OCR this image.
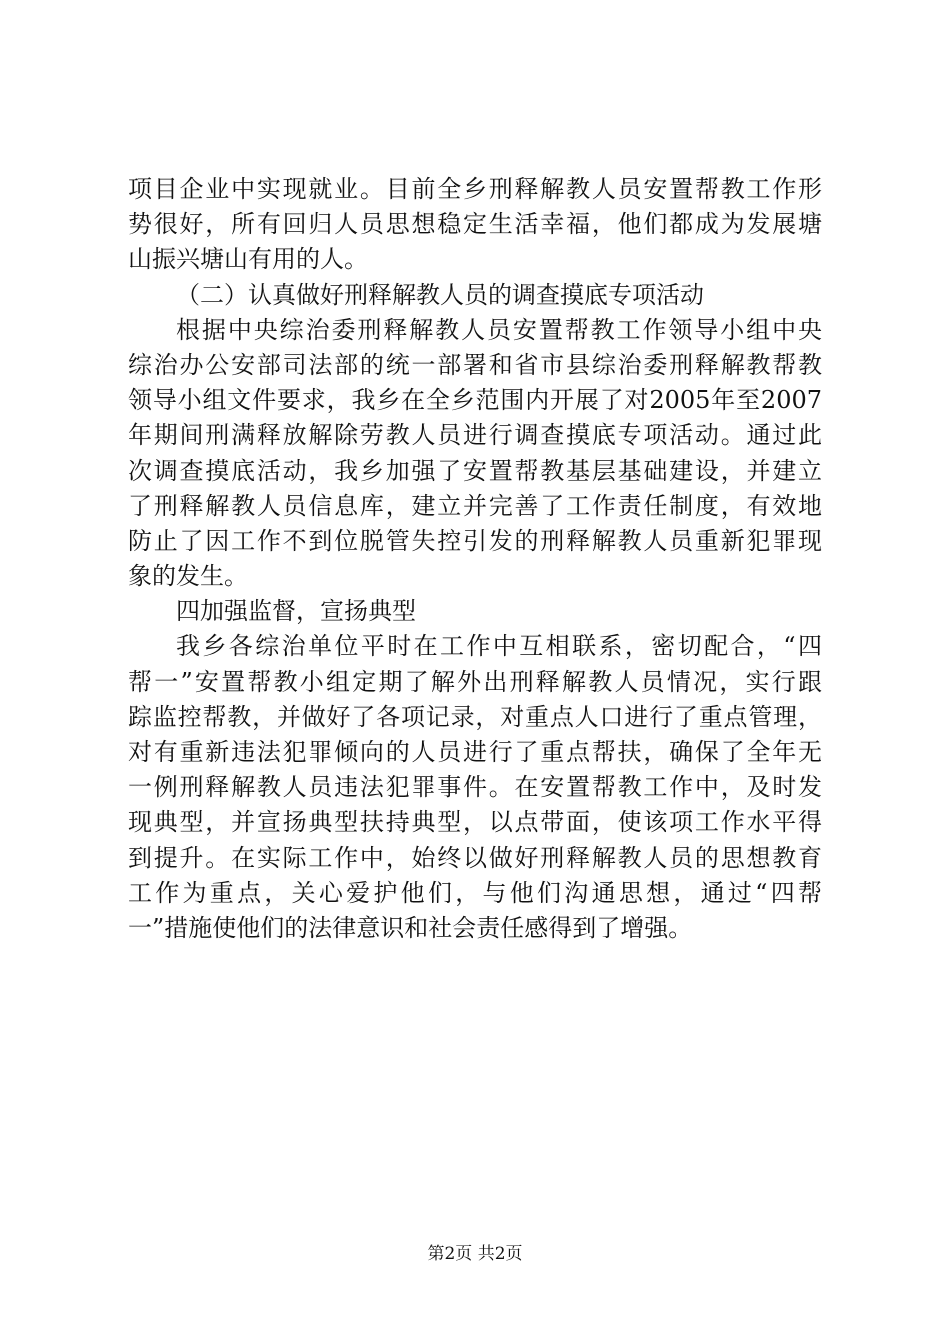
项目企业中实现就业。目前全乡刑释解教人员安置帮教工作形
势很好，所有回归人员思想稳定生活幸福，他们都成为发展塘
山振兴塘山有用的人。
（二）认真做好刑释解教人员的调查摸底专项活动
根据中央综治委刑释解教人员安置帮教工作领导小组中央
综治办公安部司法部的统一部署和省市县综治委刑释解教帮教
领导小组文件要求，我乡在全乡范围内开展了对2005年至2007
年期间刑满释放解除劳教人员进行调查摸底专项活动。通过此
次调查摸底活动，我乡加强了安置帮教基层基础建设，并建立
了刑释解教人员信息库，建立并完善了工作责任制度，有效地
防止了因工作不到位脱管失控引发的刑释解教人员重新犯罪现
象的发生。
四加强监督，宣扬典型
我乡各综治单位平时在工作中互相联系，密切配合，“四
帮一”安置帮教小组定期了解外出刑释解教人员情况，实行跟
踪监控帮教，并做好了各项记录，对重点人口进行了重点管理，
对有重新违法犯罪倾向的人员进行了重点帮扶，确保了全年无
一例刑释解教人员违法犯罪事件。在安置帮教工作中，及时发
现典型，并宣扬典型扶持典型，以点带面，使该项工作水平得
到提升。在实际工作中，始终以做好刑释解教人员的思想教育
工作为重点，关心爱护他们，与他们沟通思想，通过“四帮
一”措施使他们的法律意识和社会责任感得到了增强。
第2页 共2页
